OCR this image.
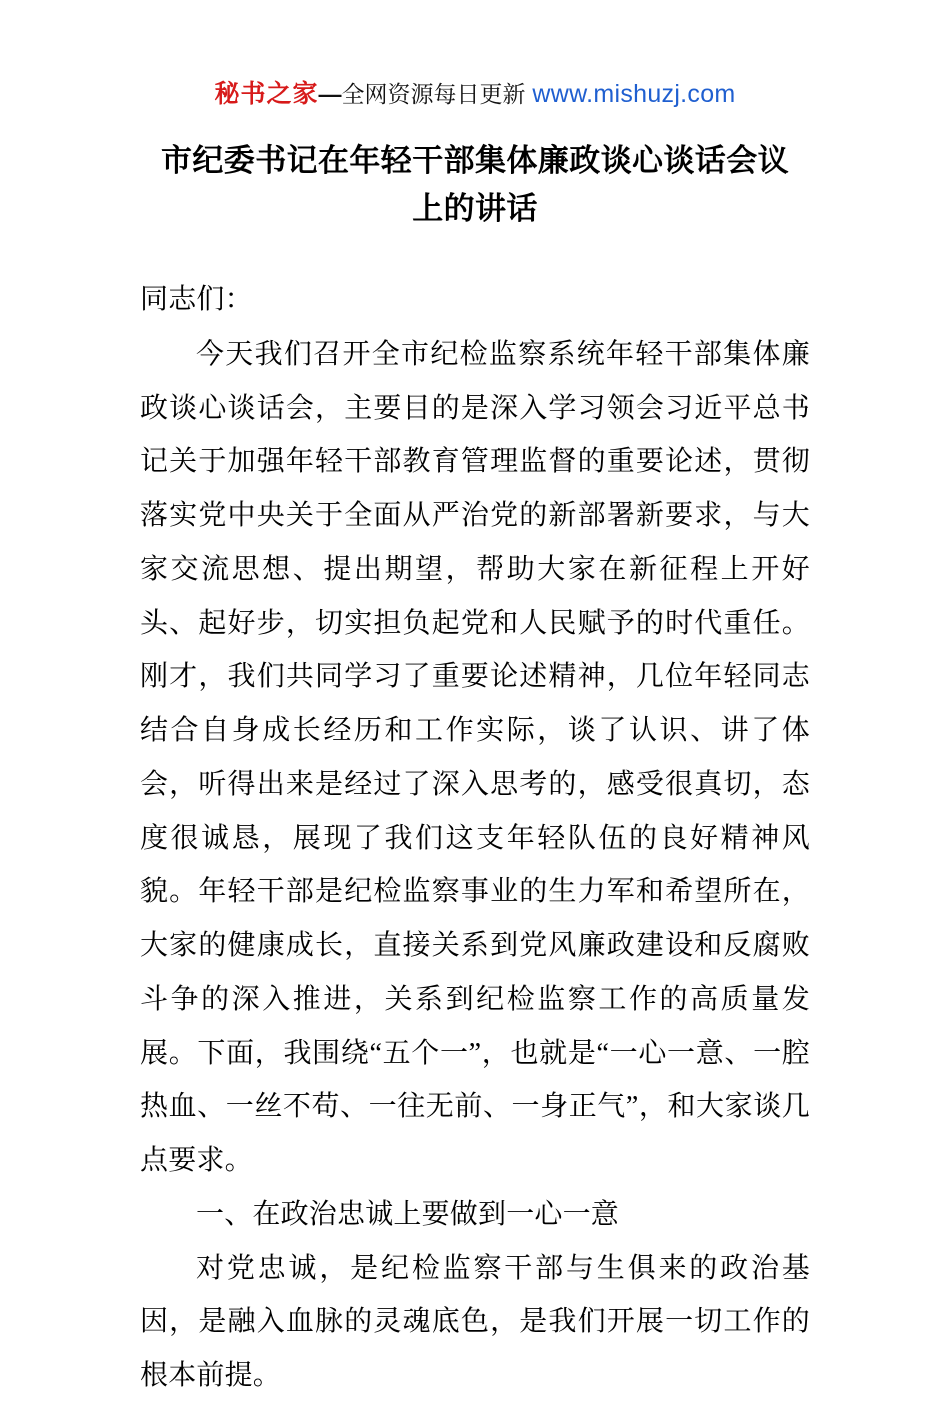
秘书之家—全网资源每日更新 www.mishuzj.com
市纪委书记在年轻干部集体廉政谈心谈话会议上的讲话

同志们：

今天我们召开全市纪检监察系统年轻干部集体廉政谈心谈话会，主要目的是深入学习领会习近平总书记关于加强年轻干部教育管理监督的重要论述，贯彻落实党中央关于全面从严治党的新部署新要求，与大家交流思想、提出期望，帮助大家在新征程上开好头、起好步，切实担负起党和人民赋予的时代重任。刚才，我们共同学习了重要论述精神，几位年轻同志结合自身成长经历和工作实际，谈了认识、讲了体会，听得出来是经过了深入思考的，感受很真切，态度很诚恳，展现了我们这支年轻队伍的良好精神风貌。年轻干部是纪检监察事业的生力军和希望所在，大家的健康成长，直接关系到党风廉政建设和反腐败斗争的深入推进，关系到纪检监察工作的高质量发展。下面，我围绕“五个一”，也就是“一心一意、一腔热血、一丝不苟、一往无前、一身正气”，和大家谈几点要求。

一、在政治忠诚上要做到一心一意

对党忠诚，是纪检监察干部与生俱来的政治基因，是融入血脉的灵魂底色，是我们开展一切工作的根本前提。
